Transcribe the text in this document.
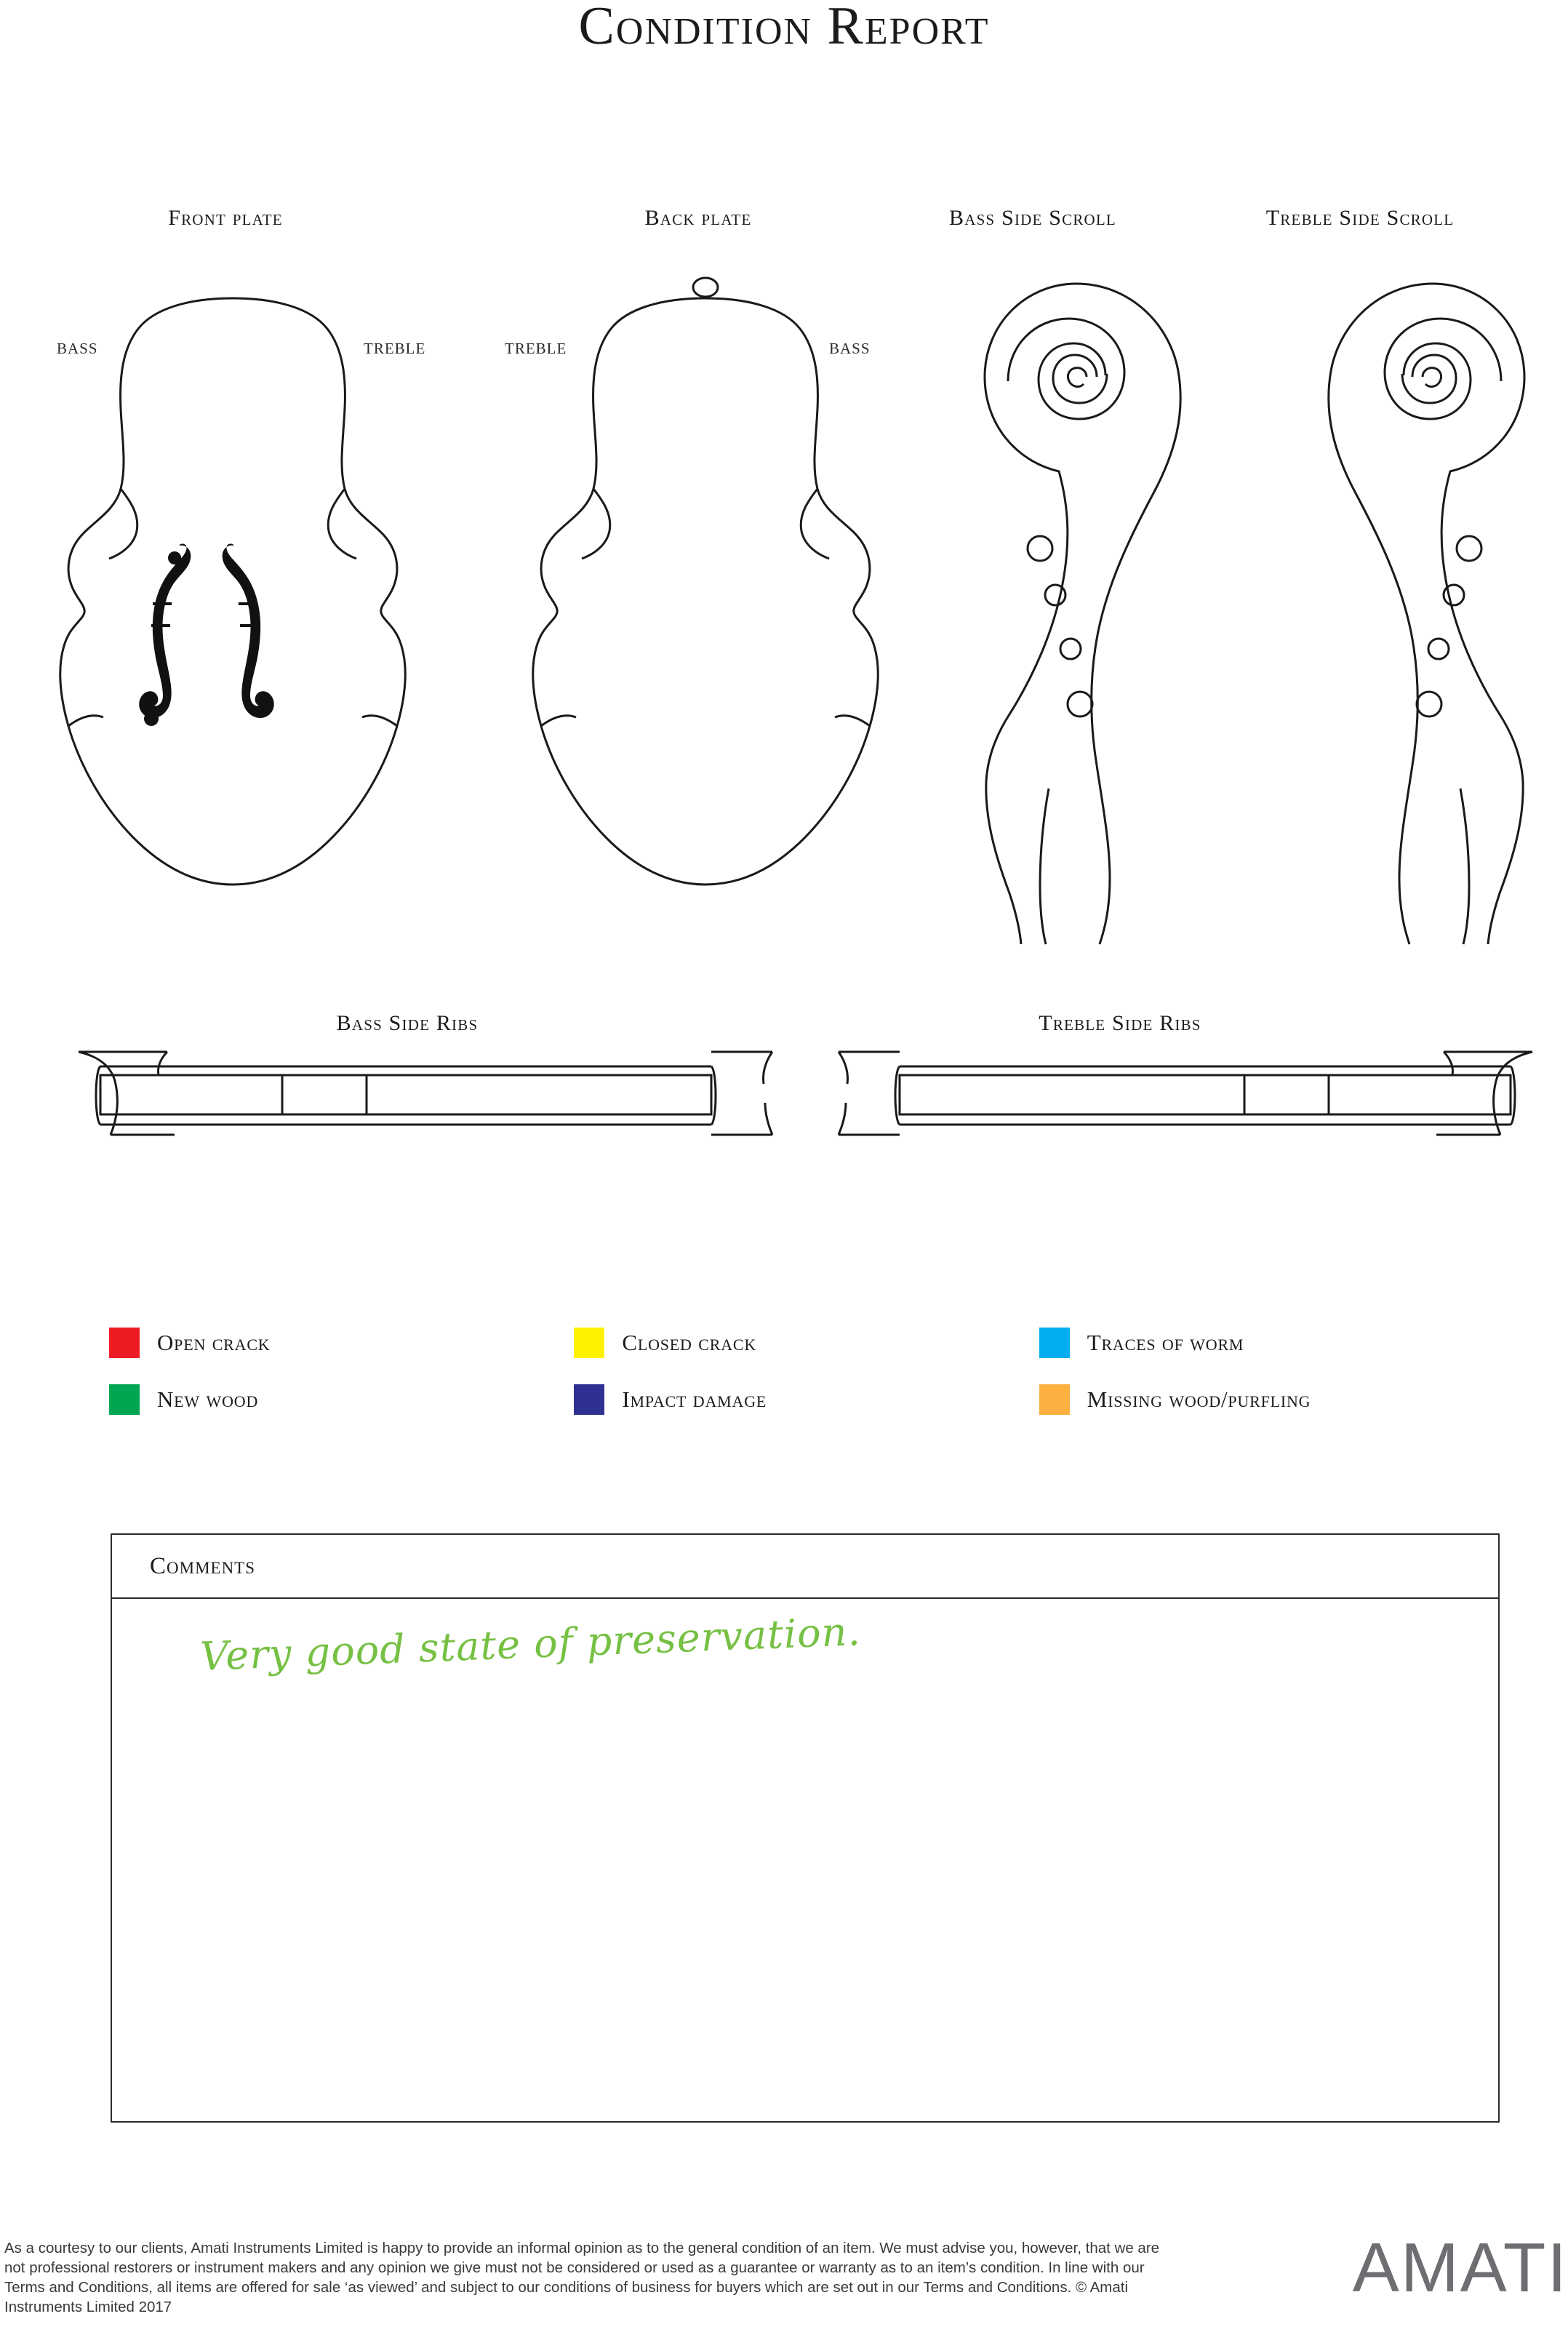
Condition Report
Front plate	Back plate	Bass Side Scroll	Treble Side Scroll
BASS	TREBLE	TREBLE	BASS
Bass Side Ribs	Treble Side Ribs
Open crack	Closed crack	Traces of worm
New wood	Impact damage	Missing wood/purfling
Comments
Very good state of preservation.
As a courtesy to our clients, Amati Instruments Limited is happy to provide an informal opinion as to the general condition of an item. We must advise you, however, that we are not professional restorers or instrument makers and any opinion we give must not be considered or used as a guarantee or warranty as to an item’s condition. In line with our Terms and Conditions, all items are offered for sale ‘as viewed’ and subject to our conditions of business for buyers which are set out in our Terms and Conditions. © Amati Instruments Limited 2017
AMATI
